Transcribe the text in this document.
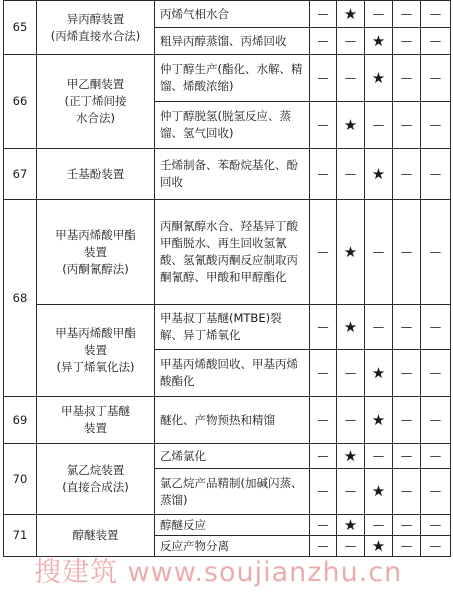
65	异丙醇装置
(丙烯直接水合法)	丙烯气相水合	—	★	—	—	—
		粗异丙醇蒸馏、丙烯回收	—	—	★	—	—
66	甲乙酮装置
(正丁烯间接
水合法)	仲丁醇生产(酯化、水解、精馏、烯酸浓缩)	—	—	★	—	—
		仲丁醇脱氢(脱氢反应、蒸馏、氢气回收)	—	★	—	—	—
67	壬基酚装置	壬烯制备、苯酚烷基化、酚回收	—	—	★	—	—
68	甲基丙烯酸甲酯
装置
(丙酮氰醇法)	丙酮氰醇水合、羟基异丁酸甲酯脱水、再生回收氢氰酸、氢氰酸丙酮反应制取丙酮氰醇、甲酸和甲醇酯化	—	★	—	—	—

	甲基丙烯酸甲酯
装置
(异丁烯氧化法)	甲基叔丁基醚(MTBE)裂解、异丁烯氧化	—	★	—	—	—
		甲基丙烯酸回收、甲基丙烯酸酯化	—	—	★	—	—
69	甲基叔丁基醚
装置	醚化、产物预热和精馏	—	—	★	—	—
70	氯乙烷装置
(直接合成法)	乙烯氯化	—	★	—	—	—
		氯乙烷产品精制(加碱闪蒸、蒸馏)	—	—	★	—	—
71	醇醚装置	醇醚反应	—	★	—	—	—
		反应产物分离	—	—	★	—	—
搜建筑 www.soujianzhu.cn
